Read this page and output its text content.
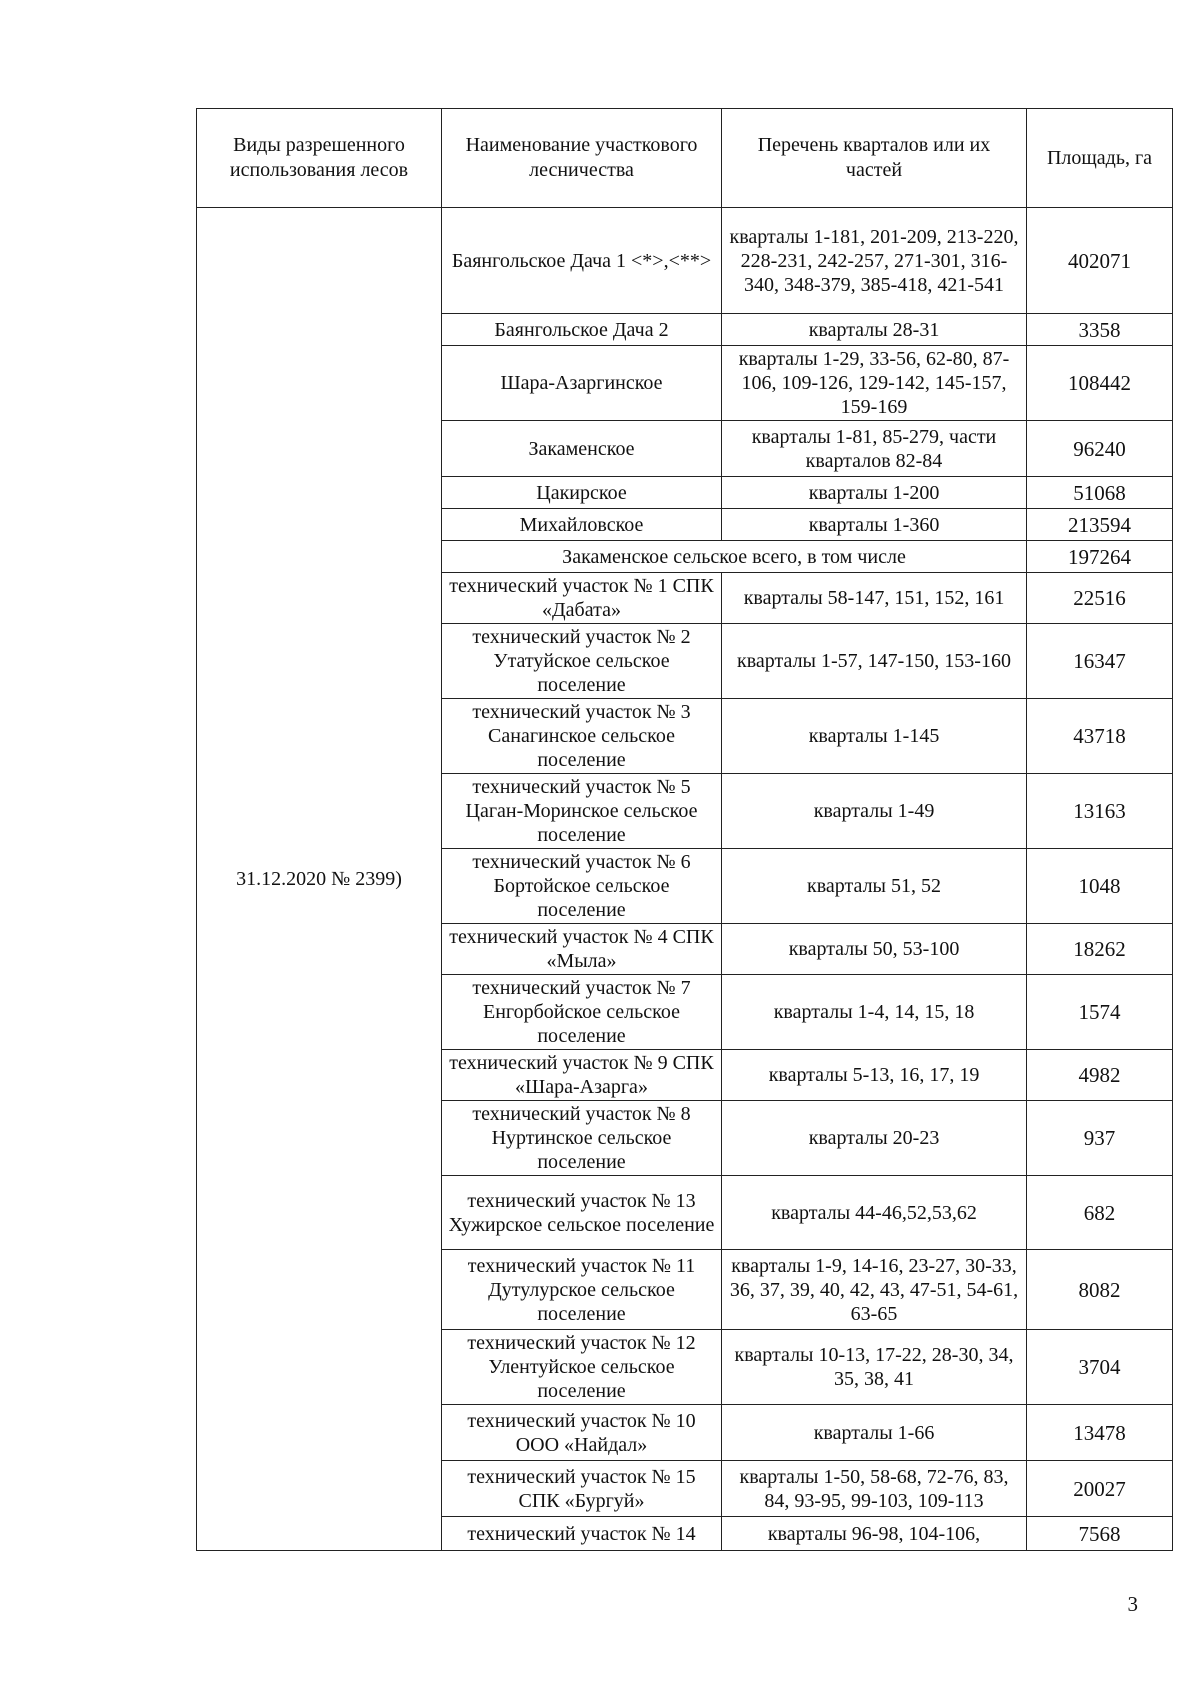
Виды разрешенного использования лесов	Наименование участкового лесничества	Перечень кварталов или их частей	Площадь, га
31.12.2020 № 2399)	Баянгольское Дача 1 <*>,<**>	кварталы 1-181, 201-209, 213-220, 228-231, 242-257, 271-301, 316-340, 348-379, 385-418, 421-541	402071
	Баянгольское Дача 2	кварталы 28-31	3358
	Шара-Азаргинское	кварталы 1-29, 33-56, 62-80, 87-106, 109-126, 129-142, 145-157, 159-169	108442
	Закаменское	кварталы 1-81, 85-279, части кварталов 82-84	96240
	Цакирское	кварталы 1-200	51068
	Михайловское	кварталы 1-360	213594
	Закаменское сельское всего, в том числе		197264
	технический участок № 1 СПК «Дабата»	кварталы 58-147, 151, 152, 161	22516
	технический участок № 2 Утатуйское сельское поселение	кварталы 1-57, 147-150, 153-160	16347
	технический участок № 3 Санагинское сельское поселение	кварталы 1-145	43718
	технический участок № 5 Цаган-Моринское сельское поселение	кварталы 1-49	13163
	технический участок № 6 Бортойское сельское поселение	кварталы 51, 52	1048
	технический участок № 4 СПК «Мыла»	кварталы 50, 53-100	18262
	технический участок № 7 Енгорбойское сельское поселение	кварталы 1-4, 14, 15, 18	1574
	технический участок № 9 СПК «Шара-Азарга»	кварталы 5-13, 16, 17, 19	4982
	технический участок № 8 Нуртинское сельское поселение	кварталы 20-23	937
	технический участок № 13 Хужирское сельское поселение	кварталы 44-46,52,53,62	682
	технический участок № 11 Дутулурское сельское поселение	кварталы 1-9, 14-16, 23-27, 30-33, 36, 37, 39, 40, 42, 43, 47-51, 54-61, 63-65	8082
	технический участок № 12 Улентуйское сельское поселение	кварталы 10-13, 17-22, 28-30, 34, 35, 38, 41	3704
	технический участок № 10 ООО «Найдал»	кварталы 1-66	13478
	технический участок № 15 СПК «Бургуй»	кварталы 1-50, 58-68, 72-76, 83, 84, 93-95, 99-103, 109-113	20027
	технический участок № 14	кварталы 96-98, 104-106,	7568
3
